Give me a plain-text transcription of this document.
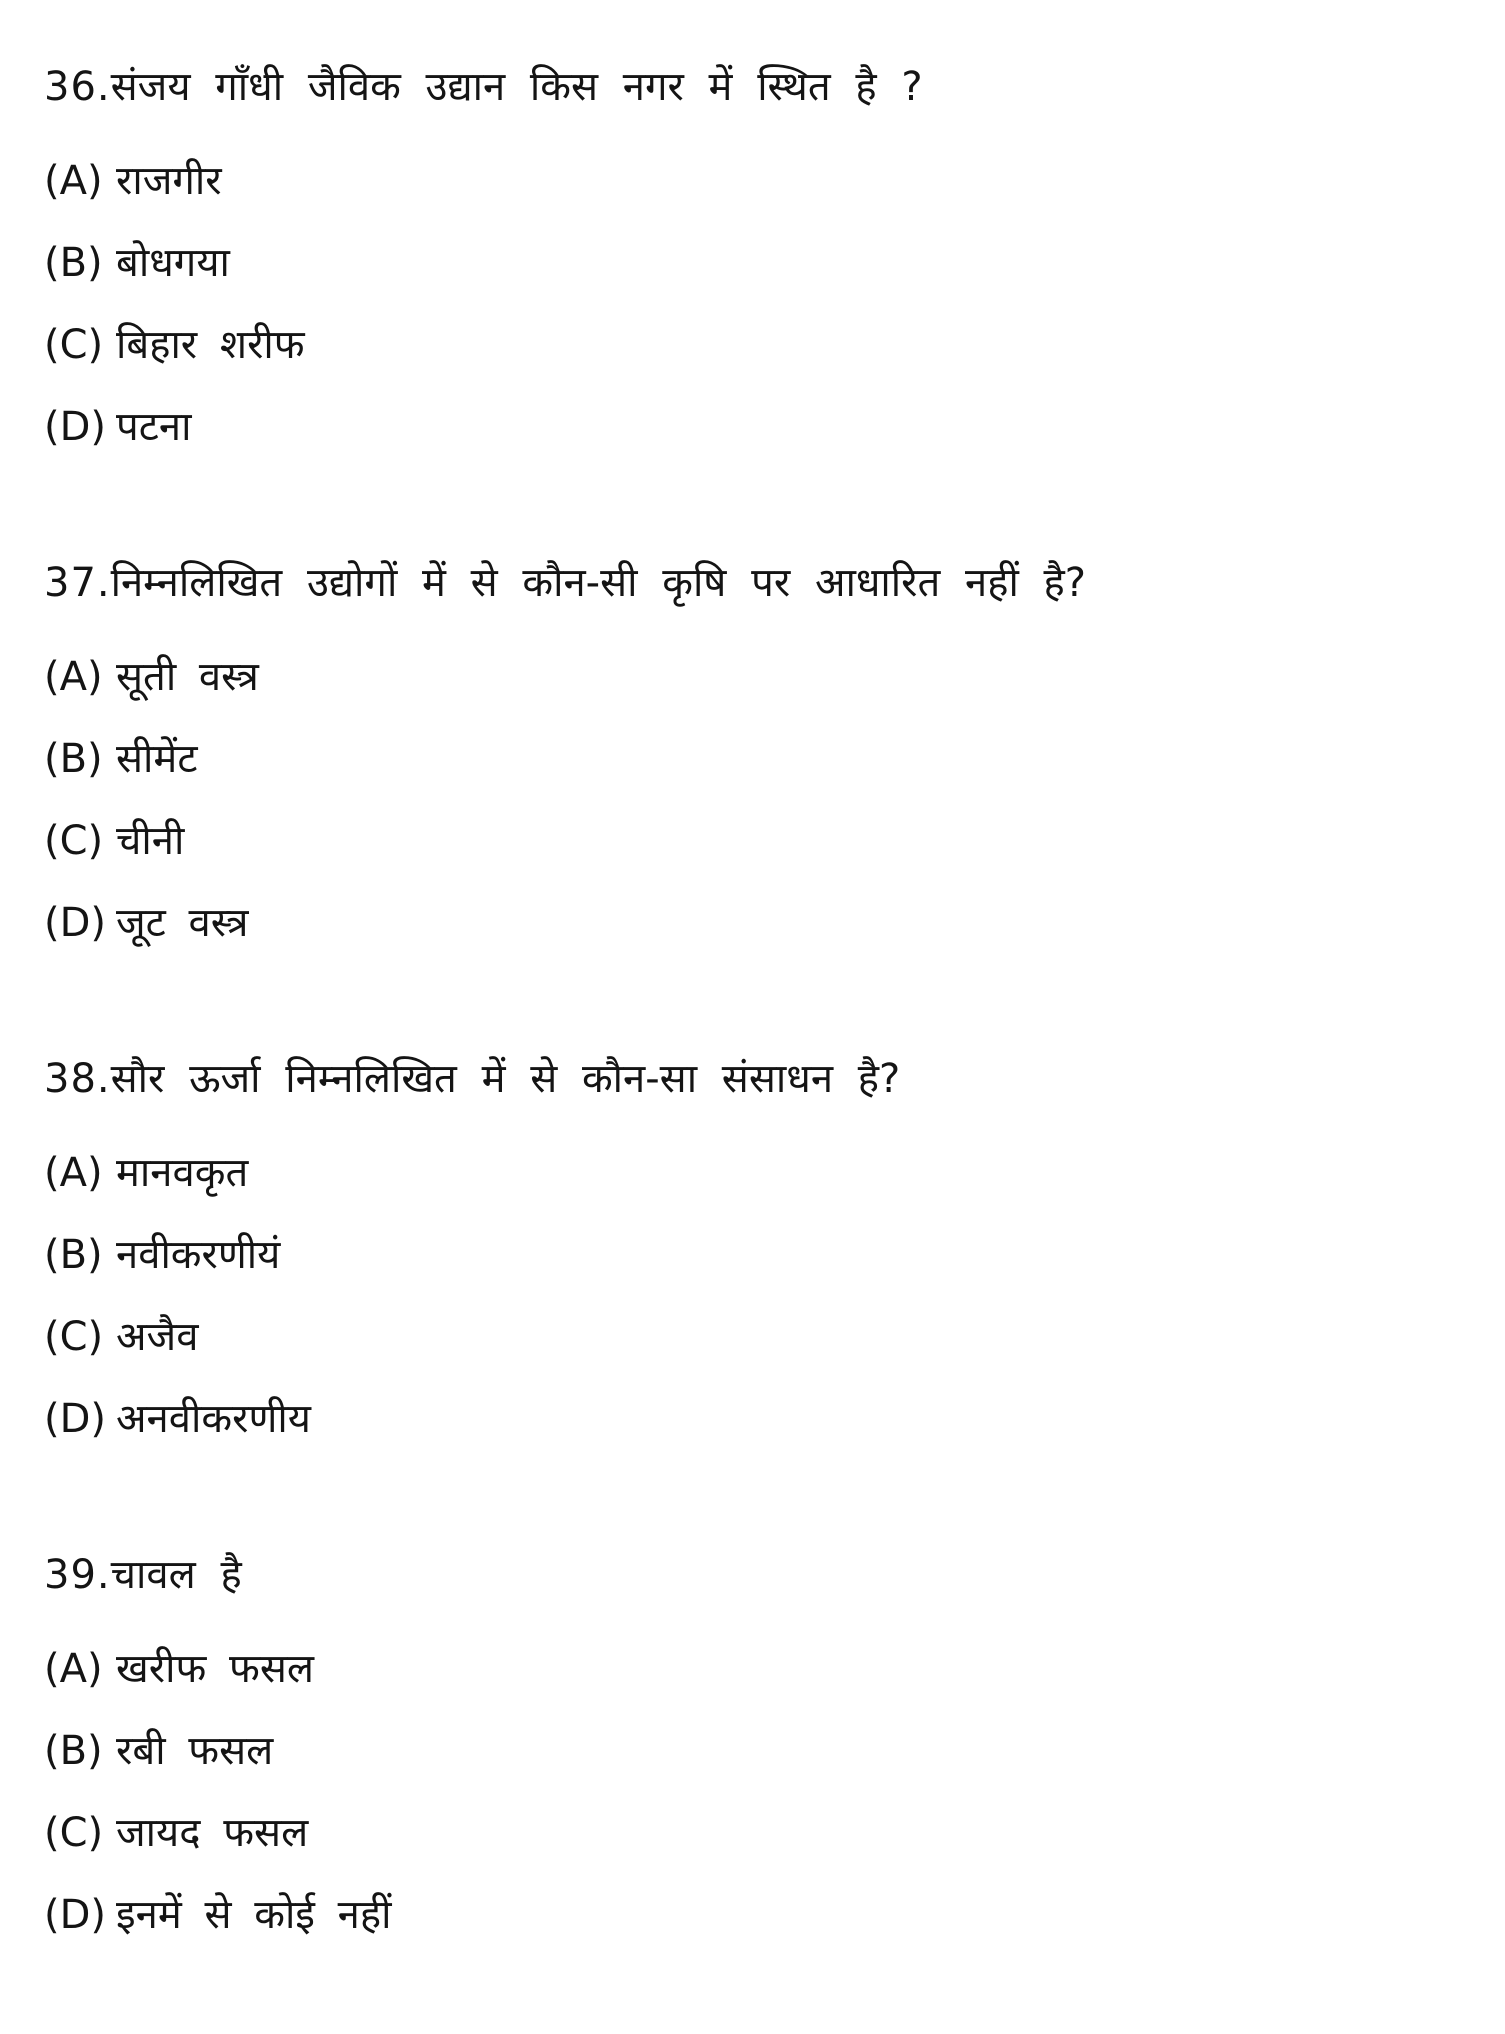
36.संजय गाँधी जैविक उद्यान किस नगर में स्थित है ?
(A) राजगीर
(B) बोधगया
(C) बिहार शरीफ
(D) पटना
37.निम्नलिखित उद्योगों में से कौन-सी कृषि पर आधारित नहीं है?
(A) सूती वस्त्र
(B) सीमेंट
(C) चीनी
(D) जूट वस्त्र
38.सौर ऊर्जा निम्नलिखित में से कौन-सा संसाधन है?
(A) मानवकृत
(B) नवीकरणीयं
(C) अजैव
(D) अनवीकरणीय
39.चावल है
(A) खरीफ फसल
(B) रबी फसल
(C) जायद फसल
(D) इनमें से कोई नहीं
